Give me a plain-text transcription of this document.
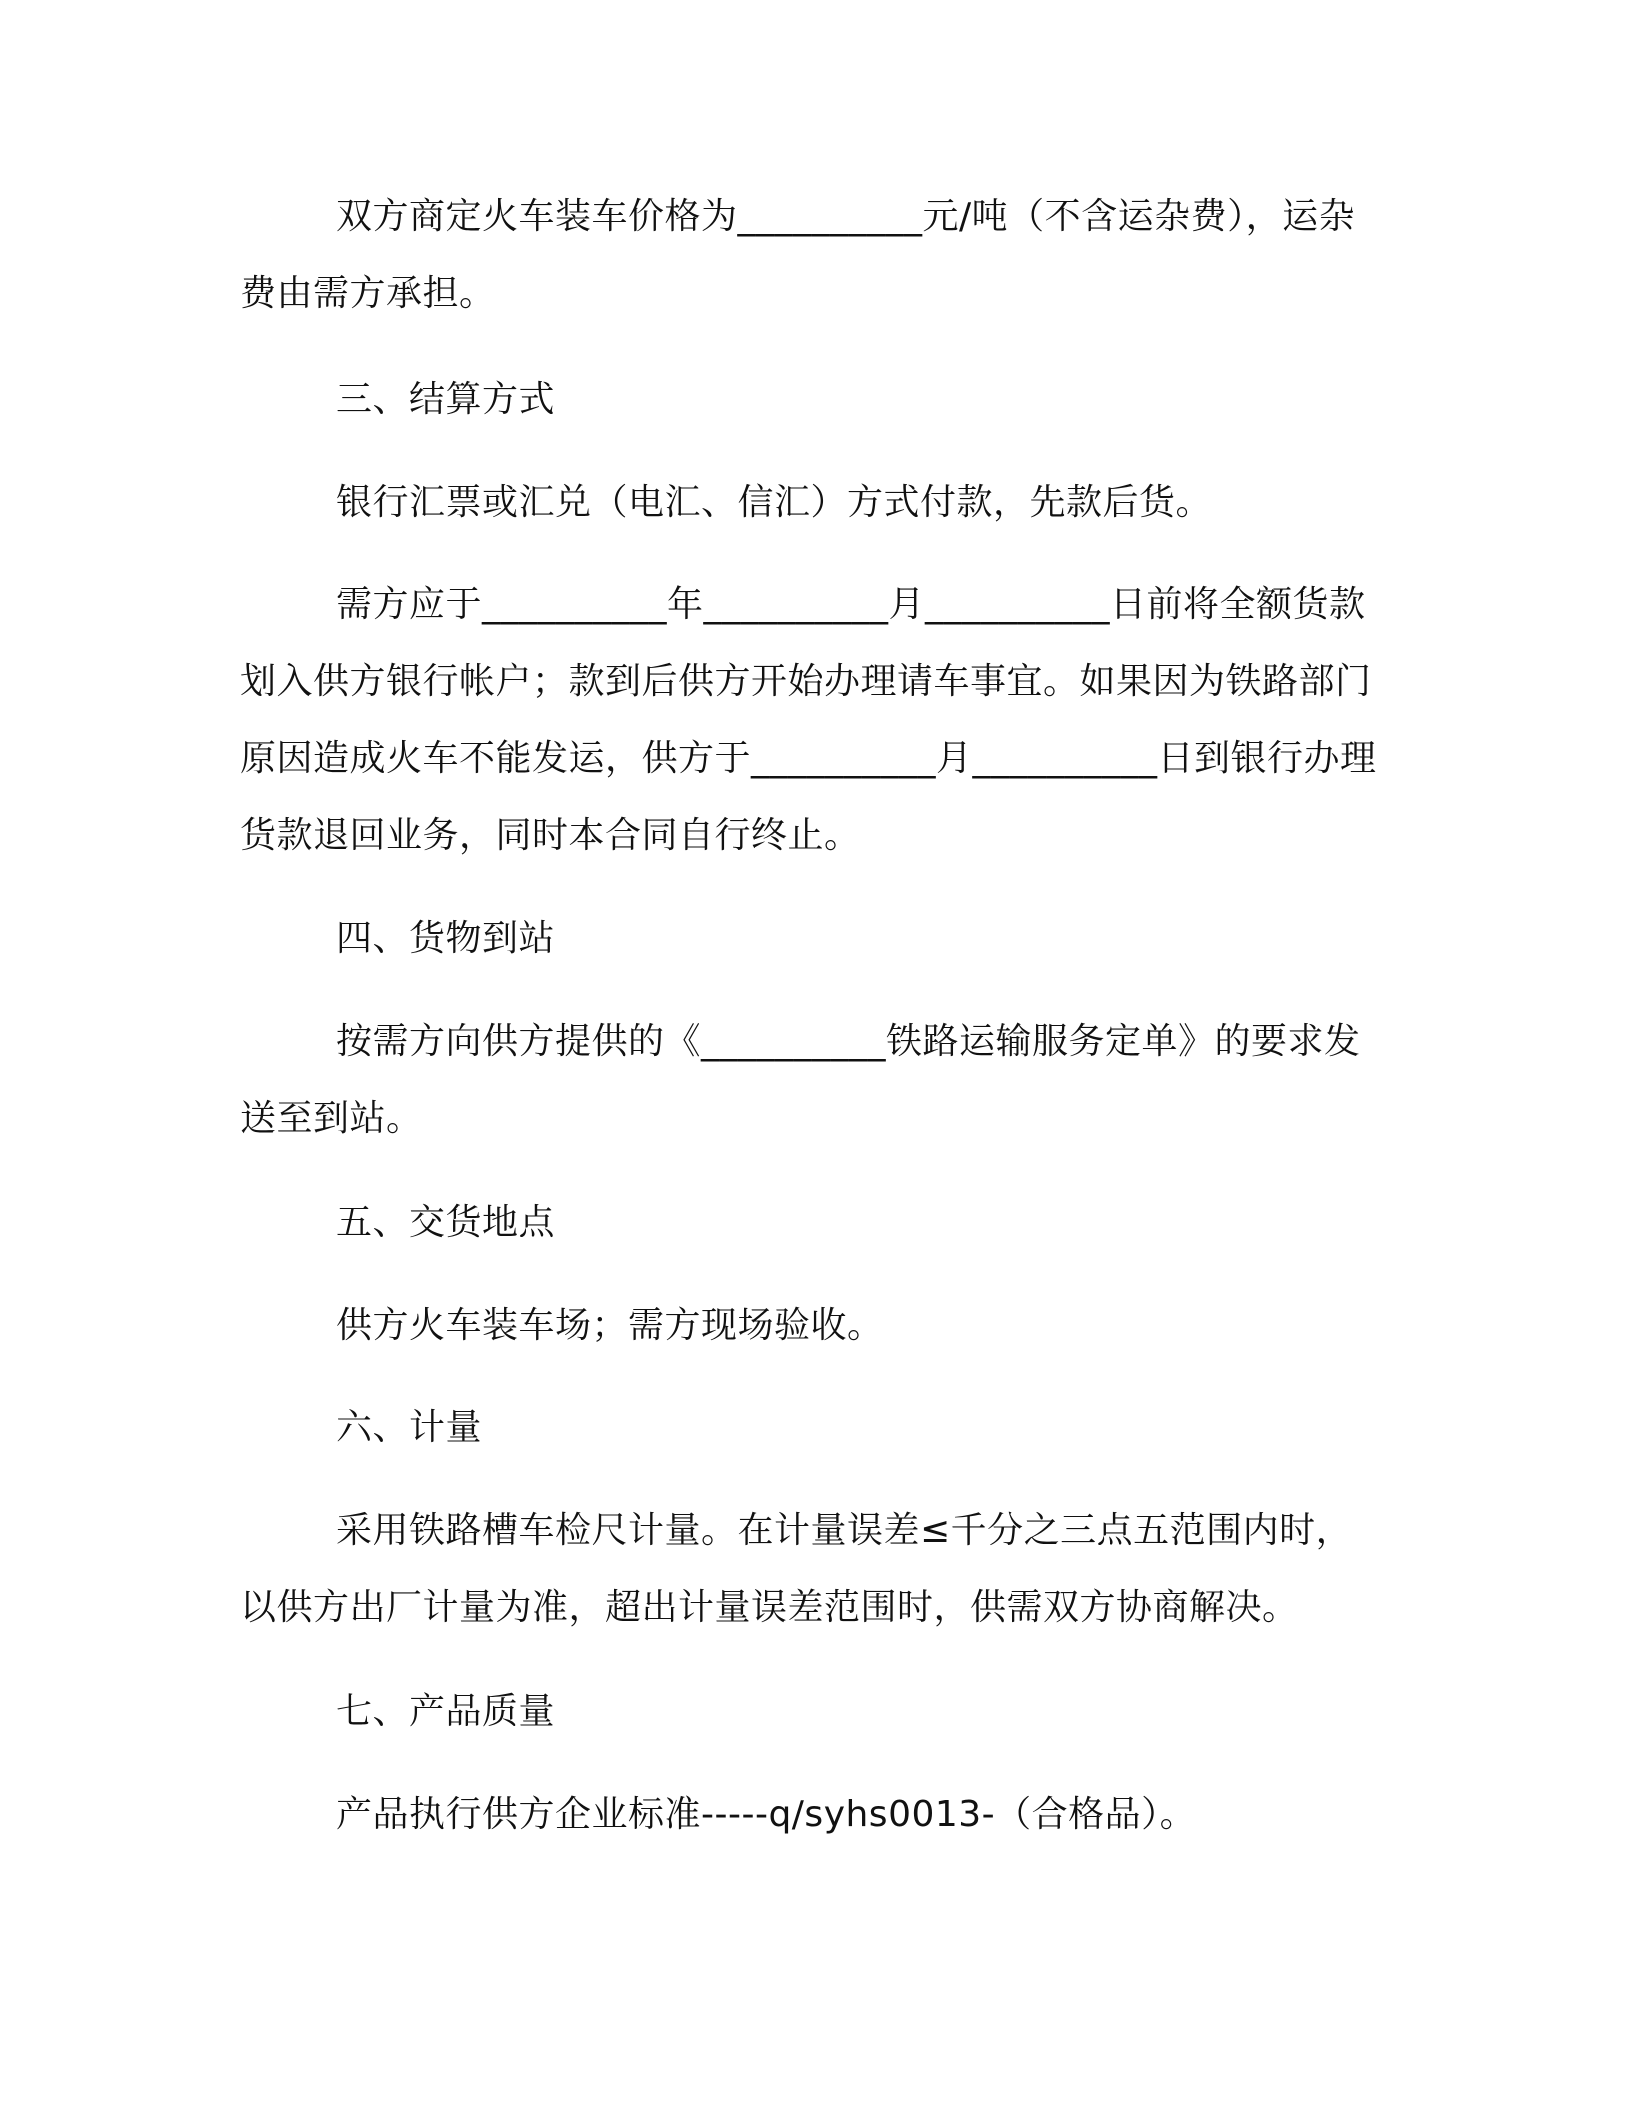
双方商定火车装车价格为__________元/吨（不含运杂费），运杂费由需方承担。

三、结算方式

银行汇票或汇兑（电汇、信汇）方式付款，先款后货。

需方应于__________年__________月__________日前将全额货款划入供方银行帐户；款到后供方开始办理请车事宜。如果因为铁路部门原因造成火车不能发运，供方于__________月__________日到银行办理货款退回业务，同时本合同自行终止。

四、货物到站

按需方向供方提供的《__________铁路运输服务定单》的要求发送至到站。

五、交货地点

供方火车装车场；需方现场验收。

六、计量

采用铁路槽车检尺计量。在计量误差≤千分之三点五范围内时，以供方出厂计量为准，超出计量误差范围时，供需双方协商解决。

七、产品质量

产品执行供方企业标准-----q/syhs0013-（合格品）。
